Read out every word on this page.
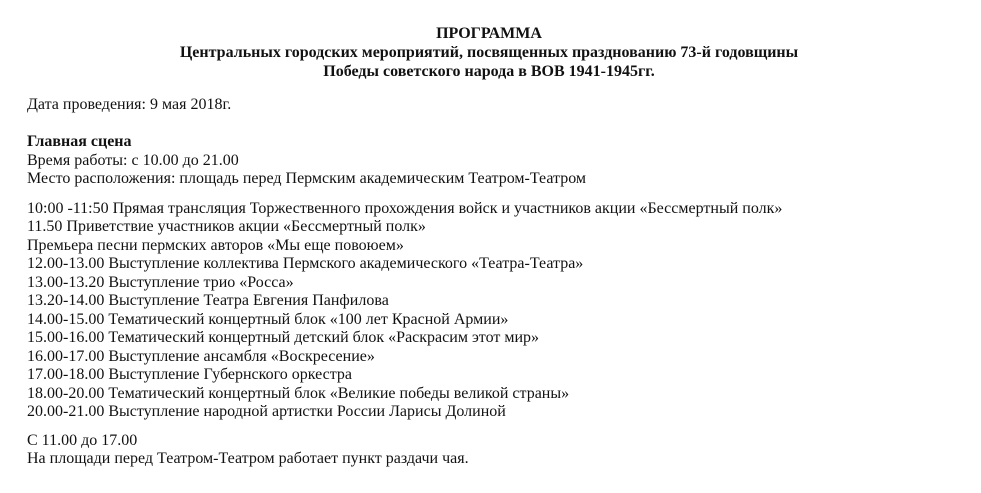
ПРОГРАММА
Центральных городских мероприятий, посвященных празднованию 73-й годовщины
Победы советского народа в ВОВ 1941-1945гг.
Дата проведения: 9 мая 2018г.
Главная сцена
Время работы: с 10.00 до 21.00
Место расположения: площадь перед Пермским академическим Театром-Театром
10:00 -11:50 Прямая трансляция Торжественного прохождения войск и участников акции «Бессмертный полк»
11.50 Приветствие участников акции «Бессмертный полк»
Премьера песни пермских авторов «Мы еще повоюем»
12.00-13.00 Выступление коллектива Пермского академического «Театра-Театра»
13.00-13.20 Выступление трио «Росса»
13.20-14.00 Выступление Театра Евгения Панфилова
14.00-15.00 Тематический концертный блок «100 лет Красной Армии»
15.00-16.00 Тематический концертный детский блок «Раскрасим этот мир»
16.00-17.00 Выступление ансамбля «Воскресение»
17.00-18.00 Выступление Губернского оркестра
18.00-20.00 Тематический концертный блок «Великие победы великой страны»
20.00-21.00 Выступление народной артистки России Ларисы Долиной
С 11.00 до 17.00
На площади перед Театром-Театром работает пункт раздачи чая.
